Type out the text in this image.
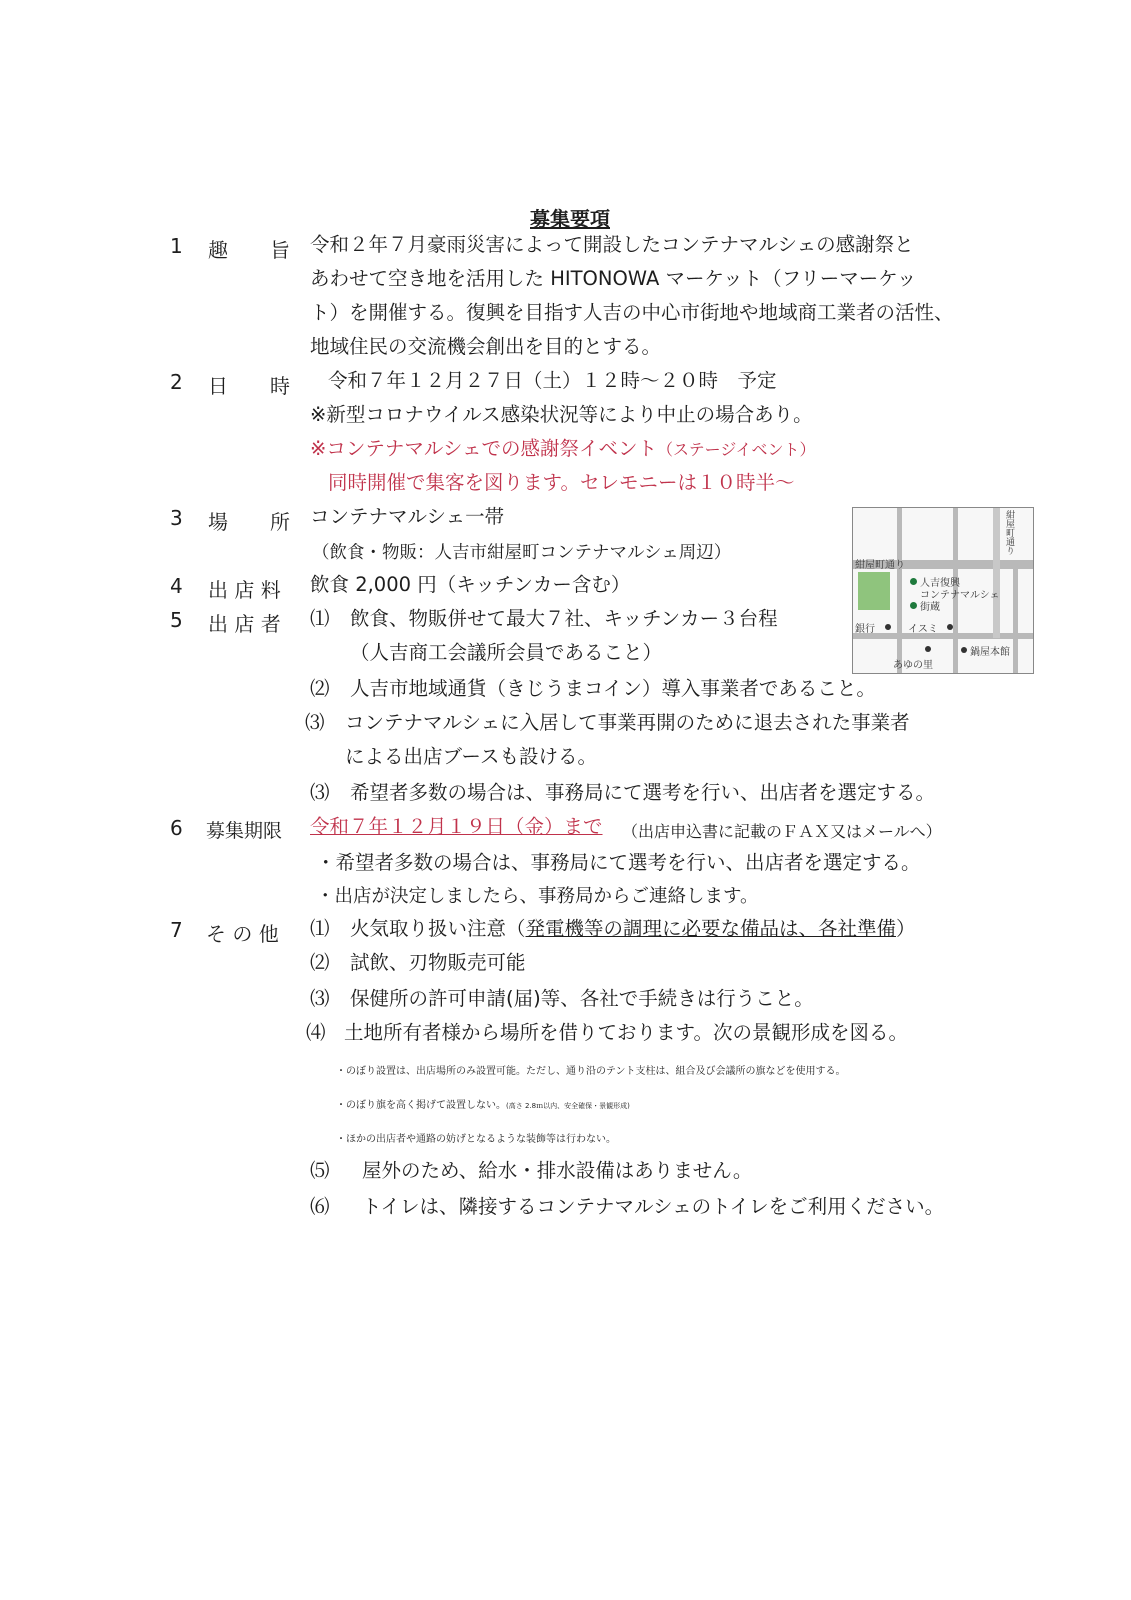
募集要項
1 趣 旨 令和２年７月豪雨災害によって開設したコンテナマルシェの感謝祭と
あわせて空き地を活用した HITONOWA マーケット（フリーマーケッ
ト）を開催する。復興を目指す人吉の中心市街地や地域商工業者の活性、
地域住民の交流機会創出を目的とする。
2 日 時 令和７年１２月２７日（土）１２時～２０時　予定
※新型コロナウイルス感染状況等により中止の場合あり。
※コンテナマルシェでの感謝祭イベント（ステージイベント）
同時開催で集客を図ります。セレモニーは１０時半～
3 場 所 コンテナマルシェ一帯
（飲食・物販：人吉市紺屋町コンテナマルシェ周辺）
4 出 店 料 飲食 2,000 円（キッチンカー含む）
5 出 店 者 ⑴ 飲食、物販併せて最大７社、キッチンカー３台程
（人吉商工会議所会員であること）
⑵ 人吉市地域通貨（きじうまコイン）導入事業者であること。
⑶ コンテナマルシェに入居して事業再開のために退去された事業者
による出店ブースも設ける。
⑶ 希望者多数の場合は、事務局にて選考を行い、出店者を選定する。
6 募集期限 令和７年１２月１９日（金）まで （出店申込書に記載のＦＡＸ又はメールへ）
・希望者多数の場合は、事務局にて選考を行い、出店者を選定する。
・出店が決定しましたら、事務局からご連絡します。
7 そ の 他 ⑴ 火気取り扱い注意（発電機等の調理に必要な備品は、各社準備）
⑵ 試飲、刃物販売可能
⑶ 保健所の許可申請(届)等、各社で手続きは行うこと。
⑷ 土地所有者様から場所を借りております。次の景観形成を図る。
・のぼり設置は、出店場所のみ設置可能。ただし、通り沿のテント支柱は、組合及び会議所の旗などを使用する。
・のぼり旗を高く掲げて設置しない。(高さ 2.8ｍ以内、安全確保・景観形成)
・ほかの出店者や通路の妨げとなるような装飾等は行わない。
⑸ 屋外のため、給水・排水設備はありません。
⑹ トイレは、隣接するコンテナマルシェのトイレをご利用ください。
紺屋町通り
紺屋町通り
人吉復興
コンテナマルシェ
街蔵
銀行	イスミ
あゆの里
鍋屋本館
